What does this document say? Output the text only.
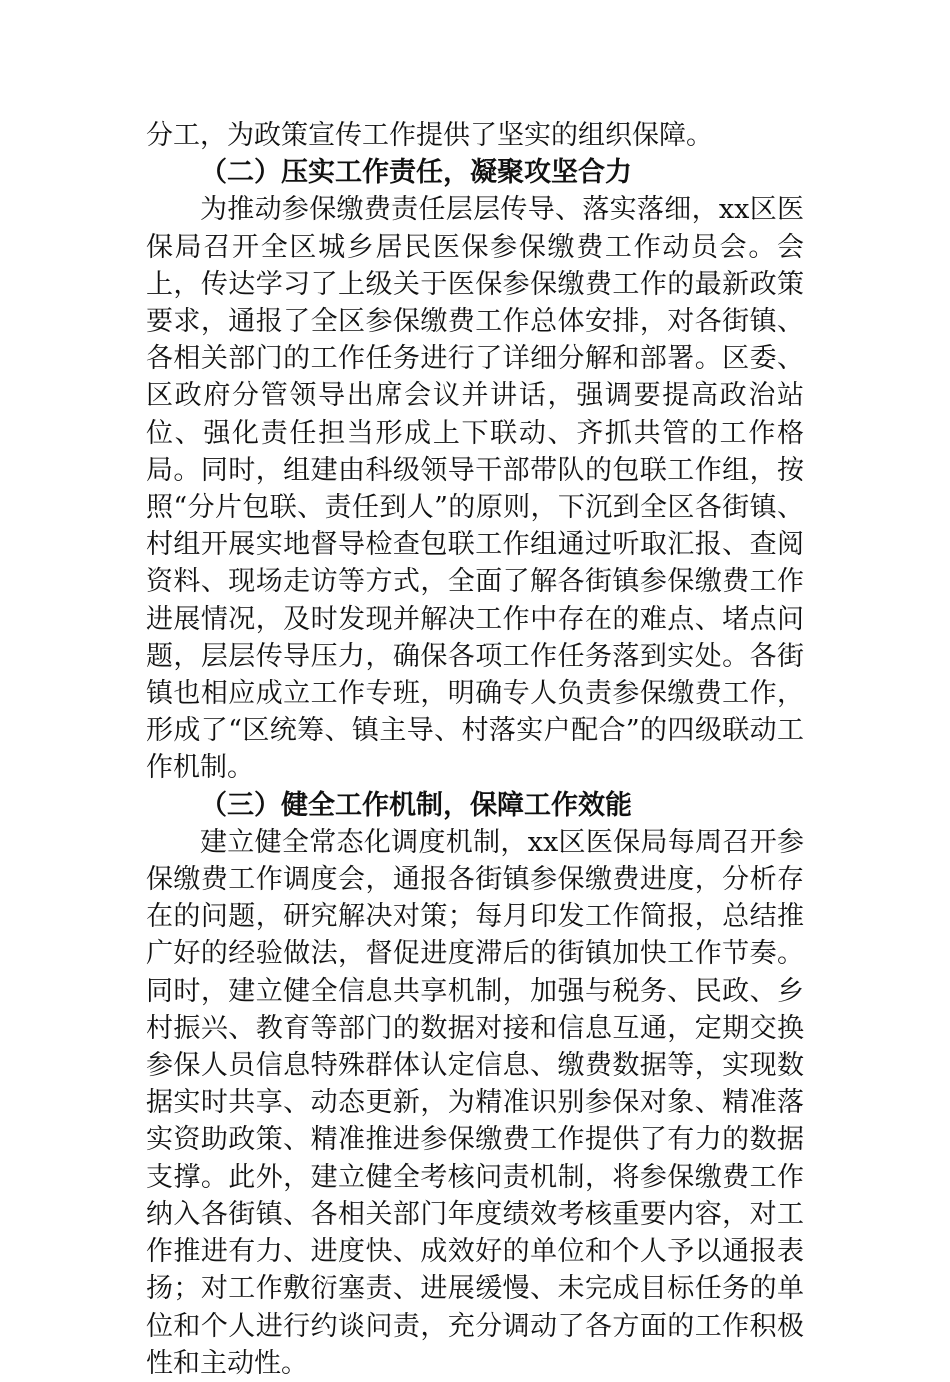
分工，为政策宣传工作提供了坚实的组织保障。

（二）压实工作责任，凝聚攻坚合力

为推动参保缴费责任层层传导、落实落细，xx区医保局召开全区城乡居民医保参保缴费工作动员会。会上，传达学习了上级关于医保参保缴费工作的最新政策要求，通报了全区参保缴费工作总体安排，对各街镇、各相关部门的工作任务进行了详细分解和部署。区委、区政府分管领导出席会议并讲话，强调要提高政治站位、强化责任担当形成上下联动、齐抓共管的工作格局。同时，组建由科级领导干部带队的包联工作组，按照“分片包联、责任到人”的原则，下沉到全区各街镇、村组开展实地督导检查包联工作组通过听取汇报、查阅资料、现场走访等方式，全面了解各街镇参保缴费工作进展情况，及时发现并解决工作中存在的难点、堵点问题，层层传导压力，确保各项工作任务落到实处。各街镇也相应成立工作专班，明确专人负责参保缴费工作，形成了“区统筹、镇主导、村落实户配合”的四级联动工作机制。

（三）健全工作机制，保障工作效能

建立健全常态化调度机制，xx区医保局每周召开参保缴费工作调度会，通报各街镇参保缴费进度，分析存在的问题，研究解决对策；每月印发工作简报，总结推广好的经验做法，督促进度滞后的街镇加快工作节奏。同时，建立健全信息共享机制，加强与税务、民政、乡村振兴、教育等部门的数据对接和信息互通，定期交换参保人员信息特殊群体认定信息、缴费数据等，实现数据实时共享、动态更新，为精准识别参保对象、精准落实资助政策、精准推进参保缴费工作提供了有力的数据支撑。此外，建立健全考核问责机制，将参保缴费工作纳入各街镇、各相关部门年度绩效考核重要内容，对工作推进有力、进度快、成效好的单位和个人予以通报表扬；对工作敷衍塞责、进展缓慢、未完成目标任务的单位和个人进行约谈问责，充分调动了各方面的工作积极性和主动性。
